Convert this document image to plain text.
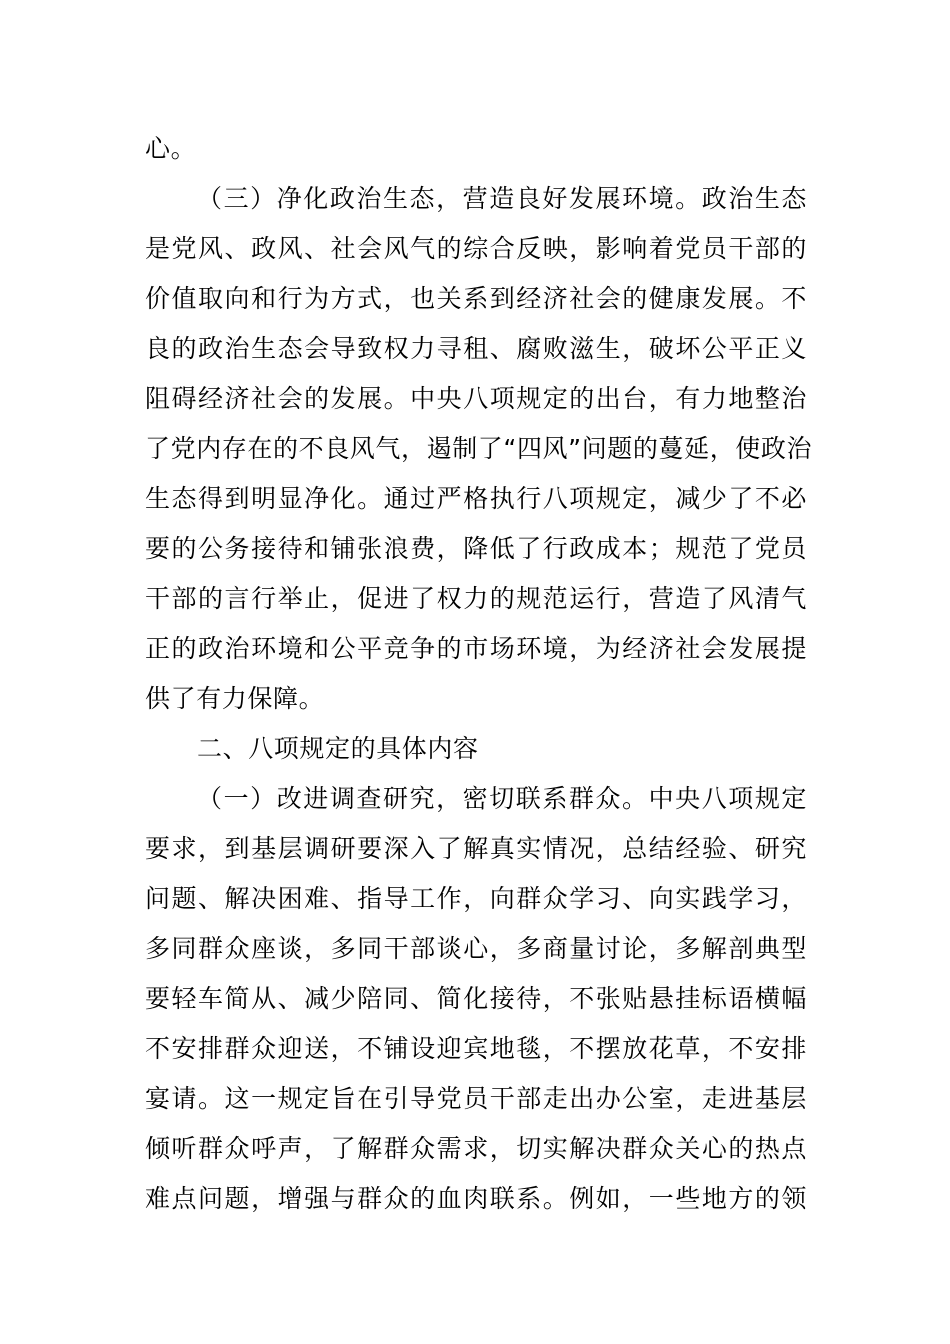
心。
（三）净化政治生态，营造良好发展环境。政治生态
是党风、政风、社会风气的综合反映，影响着党员干部的
价值取向和行为方式，也关系到经济社会的健康发展。不
良的政治生态会导致权力寻租、腐败滋生，破坏公平正义
阻碍经济社会的发展。中央八项规定的出台，有力地整治
了党内存在的不良风气，遏制了“四风”问题的蔓延，使政治
生态得到明显净化。通过严格执行八项规定，减少了不必
要的公务接待和铺张浪费，降低了行政成本；规范了党员
干部的言行举止，促进了权力的规范运行，营造了风清气
正的政治环境和公平竞争的市场环境，为经济社会发展提
供了有力保障。
二、八项规定的具体内容
（一）改进调查研究，密切联系群众。中央八项规定
要求，到基层调研要深入了解真实情况，总结经验、研究
问题、解决困难、指导工作，向群众学习、向实践学习，
多同群众座谈，多同干部谈心，多商量讨论，多解剖典型
要轻车简从、减少陪同、简化接待，不张贴悬挂标语横幅
不安排群众迎送，不铺设迎宾地毯，不摆放花草，不安排
宴请。这一规定旨在引导党员干部走出办公室，走进基层
倾听群众呼声，了解群众需求，切实解决群众关心的热点
难点问题，增强与群众的血肉联系。例如，一些地方的领
